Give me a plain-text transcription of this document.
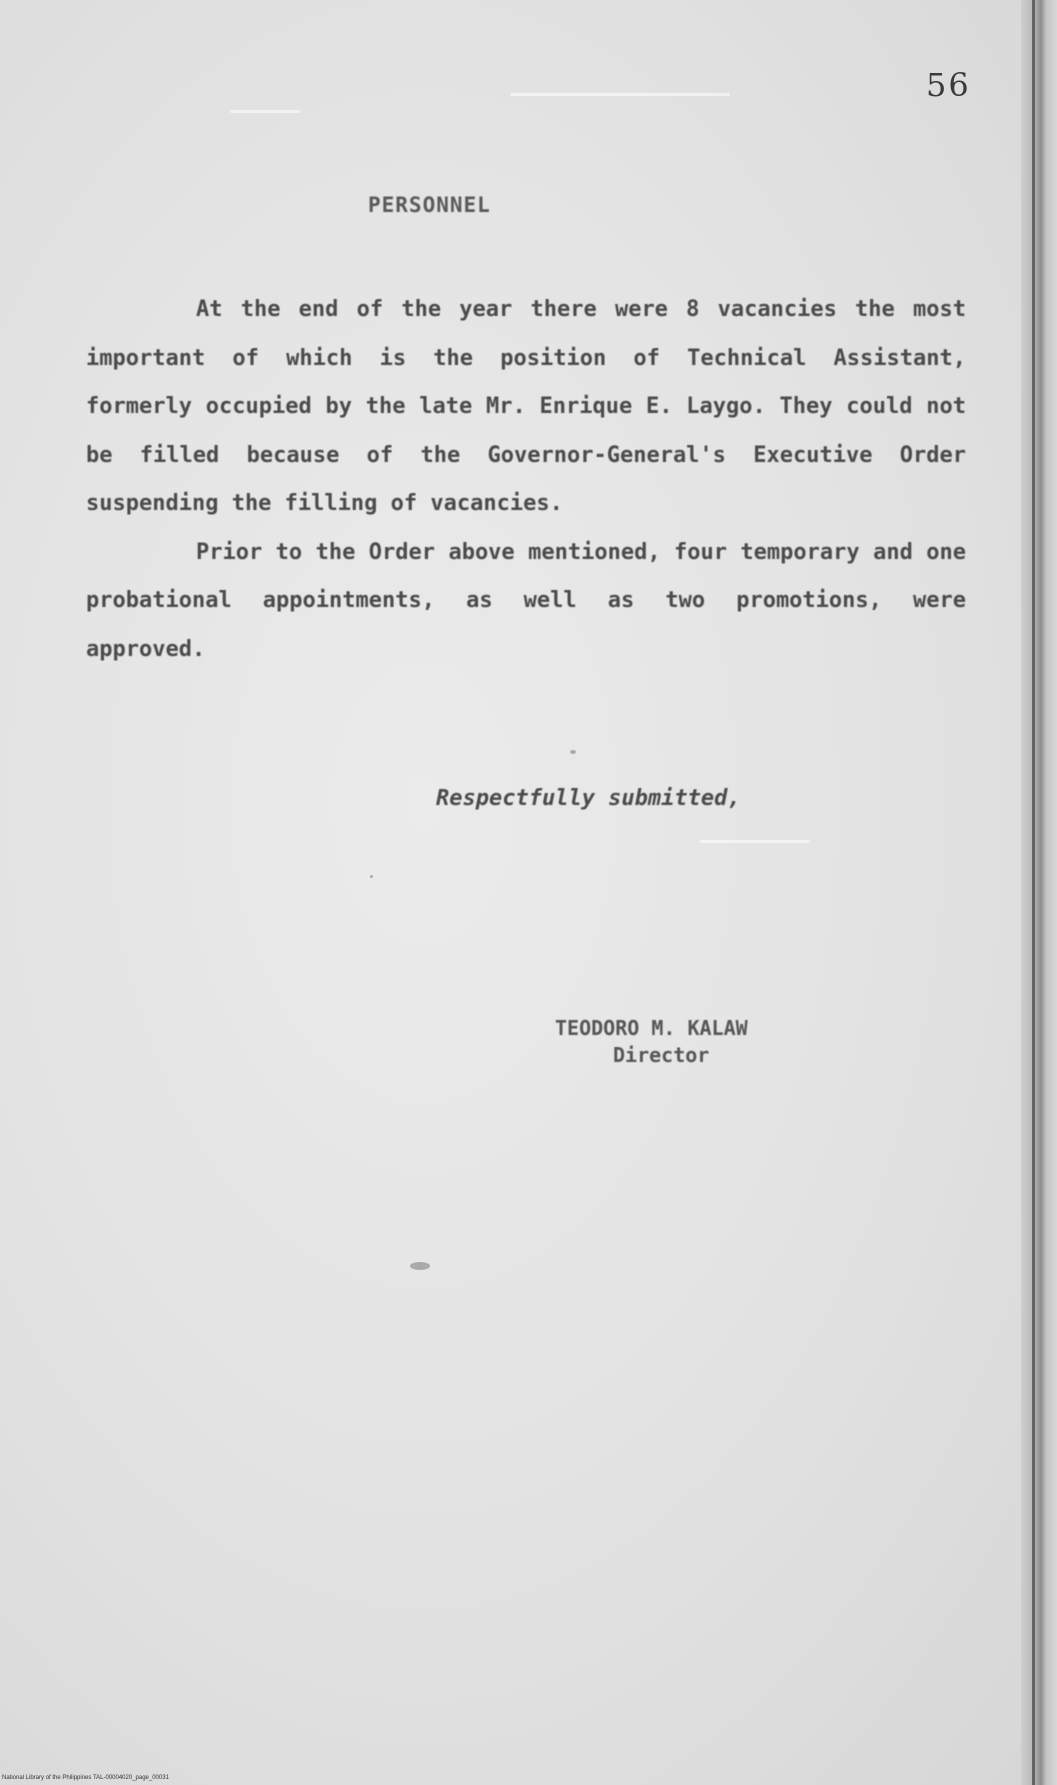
56
PERSONNEL

At the end of the year there were 8 vacancies the most important of which is the position of Technical Assistant, formerly occupied by the late Mr. Enrique E. Laygo. They could not be filled because of the Governor-General's Executive Order suspending the filling of vacancies.

Prior to the Order above mentioned, four temporary and one probational appointments, as well as two promotions, were approved.

Respectfully submitted,
TEODORO M. KALAW
Director
National Library of the Philippines TAL-00004020_page_00031
